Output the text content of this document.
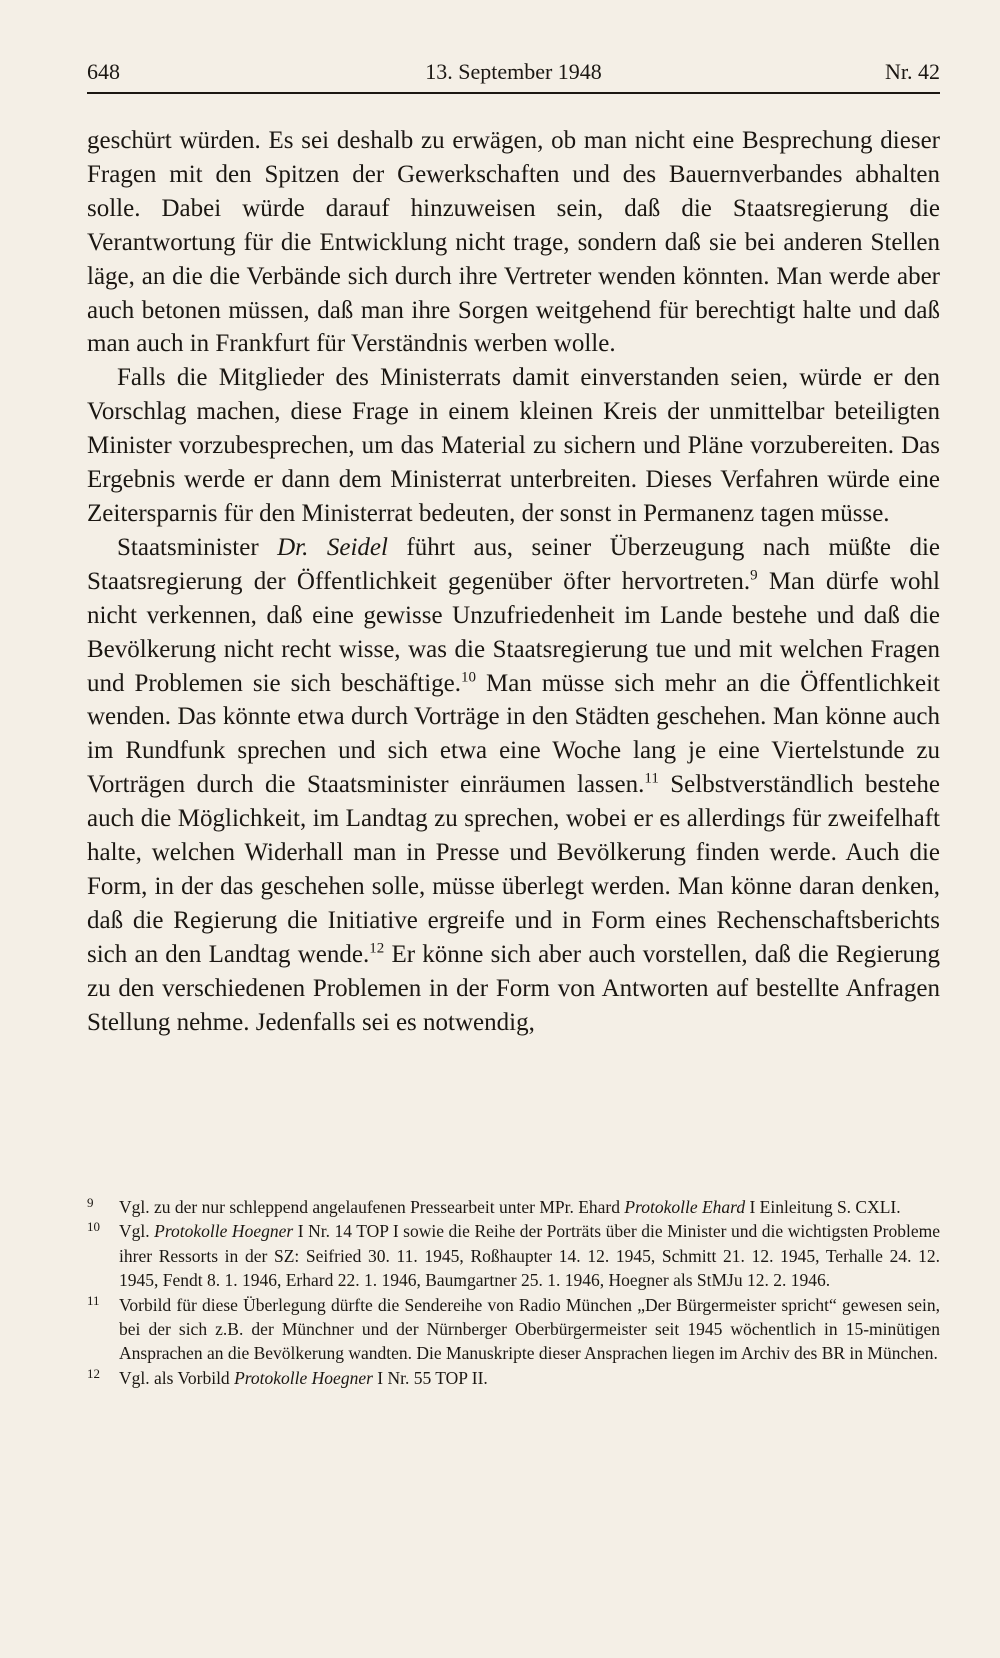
648	13. September 1948	Nr. 42

geschürt würden. Es sei deshalb zu erwägen, ob man nicht eine Besprechung dieser Fragen mit den Spitzen der Gewerkschaften und des Bauernverbandes abhalten solle. Dabei würde darauf hinzuweisen sein, daß die Staatsregierung die Verantwortung für die Entwicklung nicht trage, sondern daß sie bei anderen Stellen läge, an die die Verbände sich durch ihre Vertreter wenden könnten. Man werde aber auch betonen müssen, daß man ihre Sorgen weitgehend für berechtigt halte und daß man auch in Frankfurt für Verständnis werben wolle.

Falls die Mitglieder des Ministerrats damit einverstanden seien, würde er den Vorschlag machen, diese Frage in einem kleinen Kreis der unmittelbar beteiligten Minister vorzubesprechen, um das Material zu sichern und Pläne vorzubereiten. Das Ergebnis werde er dann dem Ministerrat unterbreiten. Dieses Verfahren würde eine Zeitersparnis für den Ministerrat bedeuten, der sonst in Permanenz tagen müsse.

Staatsminister Dr. Seidel führt aus, seiner Überzeugung nach müßte die Staatsregierung der Öffentlichkeit gegenüber öfter hervortreten.$^9$ Man dürfe wohl nicht verkennen, daß eine gewisse Unzufriedenheit im Lande bestehe und daß die Bevölkerung nicht recht wisse, was die Staatsregierung tue und mit welchen Fragen und Problemen sie sich beschäftige.$^{10}$ Man müsse sich mehr an die Öffentlichkeit wenden. Das könnte etwa durch Vorträge in den Städten geschehen. Man könne auch im Rundfunk sprechen und sich etwa eine Woche lang je eine Viertelstunde zu Vorträgen durch die Staatsminister einräumen lassen.$^{11}$ Selbstverständlich bestehe auch die Möglichkeit, im Landtag zu sprechen, wobei er es allerdings für zweifelhaft halte, welchen Widerhall man in Presse und Bevölkerung finden werde. Auch die Form, in der das geschehen solle, müsse überlegt werden. Man könne daran denken, daß die Regierung die Initiative ergreife und in Form eines Rechenschaftsberichts sich an den Landtag wende.$^{12}$ Er könne sich aber auch vorstellen, daß die Regierung zu den verschiedenen Problemen in der Form von Antworten auf bestellte Anfragen Stellung nehme. Jedenfalls sei es notwendig,

9 Vgl. zu der nur schleppend angelaufenen Pressearbeit unter MPr. Ehard Protokolle Ehard I Einleitung S. CXLI.
10 Vgl. Protokolle Hoegner I Nr. 14 TOP I sowie die Reihe der Porträts über die Minister und die wichtigsten Probleme ihrer Ressorts in der SZ: Seifried 30. 11. 1945, Roßhaupter 14. 12. 1945, Schmitt 21. 12. 1945, Terhalle 24. 12. 1945, Fendt 8. 1. 1946, Erhard 22. 1. 1946, Baumgartner 25. 1. 1946, Hoegner als StMJu 12. 2. 1946.
11 Vorbild für diese Überlegung dürfte die Sendereihe von Radio München „Der Bürgermeister spricht“ gewesen sein, bei der sich z.B. der Münchner und der Nürnberger Oberbürgermeister seit 1945 wöchentlich in 15-minütigen Ansprachen an die Bevölkerung wandten. Die Manuskripte dieser Ansprachen liegen im Archiv des BR in München.
12 Vgl. als Vorbild Protokolle Hoegner I Nr. 55 TOP II.
